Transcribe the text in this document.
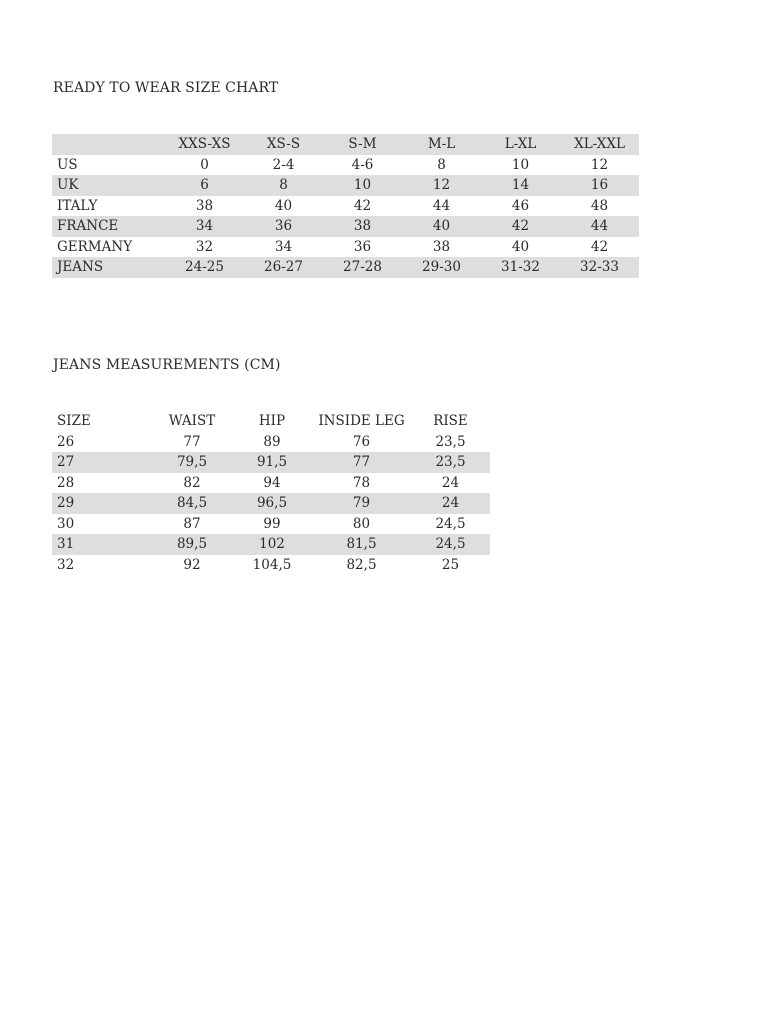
READY TO WEAR SIZE CHART
	XXS-XS	XS-S	S-M	M-L	L-XL	XL-XXL
US	0	2-4	4-6	8	10	12
UK	6	8	10	12	14	16
ITALY	38	40	42	44	46	48
FRANCE	34	36	38	40	42	44
GERMANY	32	34	36	38	40	42
JEANS	24-25	26-27	27-28	29-30	31-32	32-33
JEANS MEASUREMENTS (CM)
SIZE	WAIST	HIP	INSIDE LEG	RISE
26	77	89	76	23,5
27	79,5	91,5	77	23,5
28	82	94	78	24
29	84,5	96,5	79	24
30	87	99	80	24,5
31	89,5	102	81,5	24,5
32	92	104,5	82,5	25
